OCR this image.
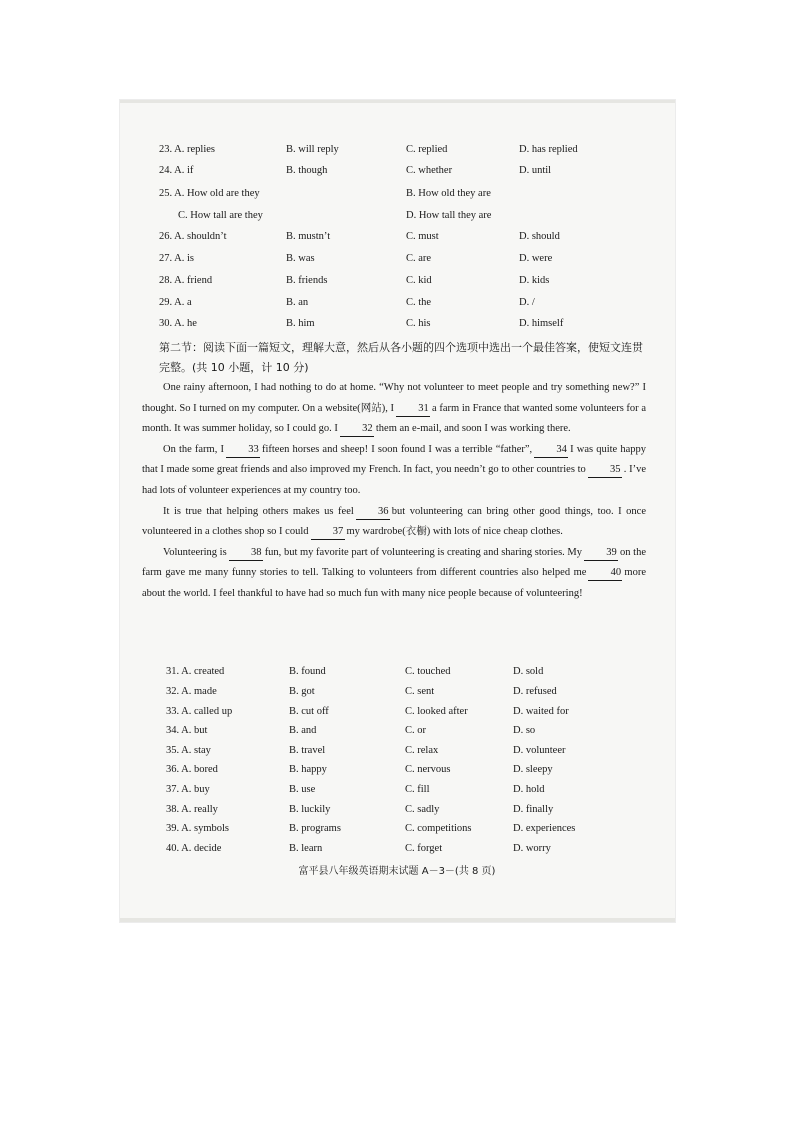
23. A. replies	B. will reply	C. replied	D. has replied
24. A. if	B. though	C. whether	D. until
25. A. How old are they	B. How old they are
C. How tall are they	D. How tall they are
26. A. shouldn’t	B. mustn’t	C. must	D. should
27. A. is	B. was	C. are	D. were
28. A. friend	B. friends	C. kid	D. kids
29. A. a	B. an	C. the	D. /
30. A. he	B. him	C. his	D. himself
第二节：阅读下面一篇短文，理解大意，然后从各小题的四个选项中选出一个最佳答案，使短文连贯完整。(共 10 小题，计 10 分)

One rainy afternoon, I had nothing to do at home. “Why not volunteer to meet people and try something new?” I thought. So I turned on my computer. On a website(网站), I 31 a farm in France that wanted some volunteers for a month. It was summer holiday, so I could go. I 32 them an e-mail, and soon I was working there.

On the farm, I 33 fifteen horses and sheep! I soon found I was a terrible “father”, 34 I was quite happy that I made some great friends and also improved my French. In fact, you needn’t go to other countries to 35 . I’ve had lots of volunteer experiences at my country too.

It is true that helping others makes us feel 36 but volunteering can bring other good things, too. I once volunteered in a clothes shop so I could 37 my wardrobe(衣橱) with lots of nice cheap clothes.

Volunteering is 38 fun, but my favorite part of volunteering is creating and sharing stories. My 39 on the farm gave me many funny stories to tell. Talking to volunteers from different countries also helped me 40 more about the world. I feel thankful to have had so much fun with many nice people because of volunteering!

31. A. created	B. found	C. touched	D. sold
32. A. made	B. got	C. sent	D. refused
33. A. called up	B. cut off	C. looked after	D. waited for
34. A. but	B. and	C. or	D. so
35. A. stay	B. travel	C. relax	D. volunteer
36. A. bored	B. happy	C. nervous	D. sleepy
37. A. buy	B. use	C. fill	D. hold
38. A. really	B. luckily	C. sadly	D. finally
39. A. symbols	B. programs	C. competitions	D. experiences
40. A. decide	B. learn	C. forget	D. worry
富平县八年级英语期末试题 A－3－(共 8 页)
